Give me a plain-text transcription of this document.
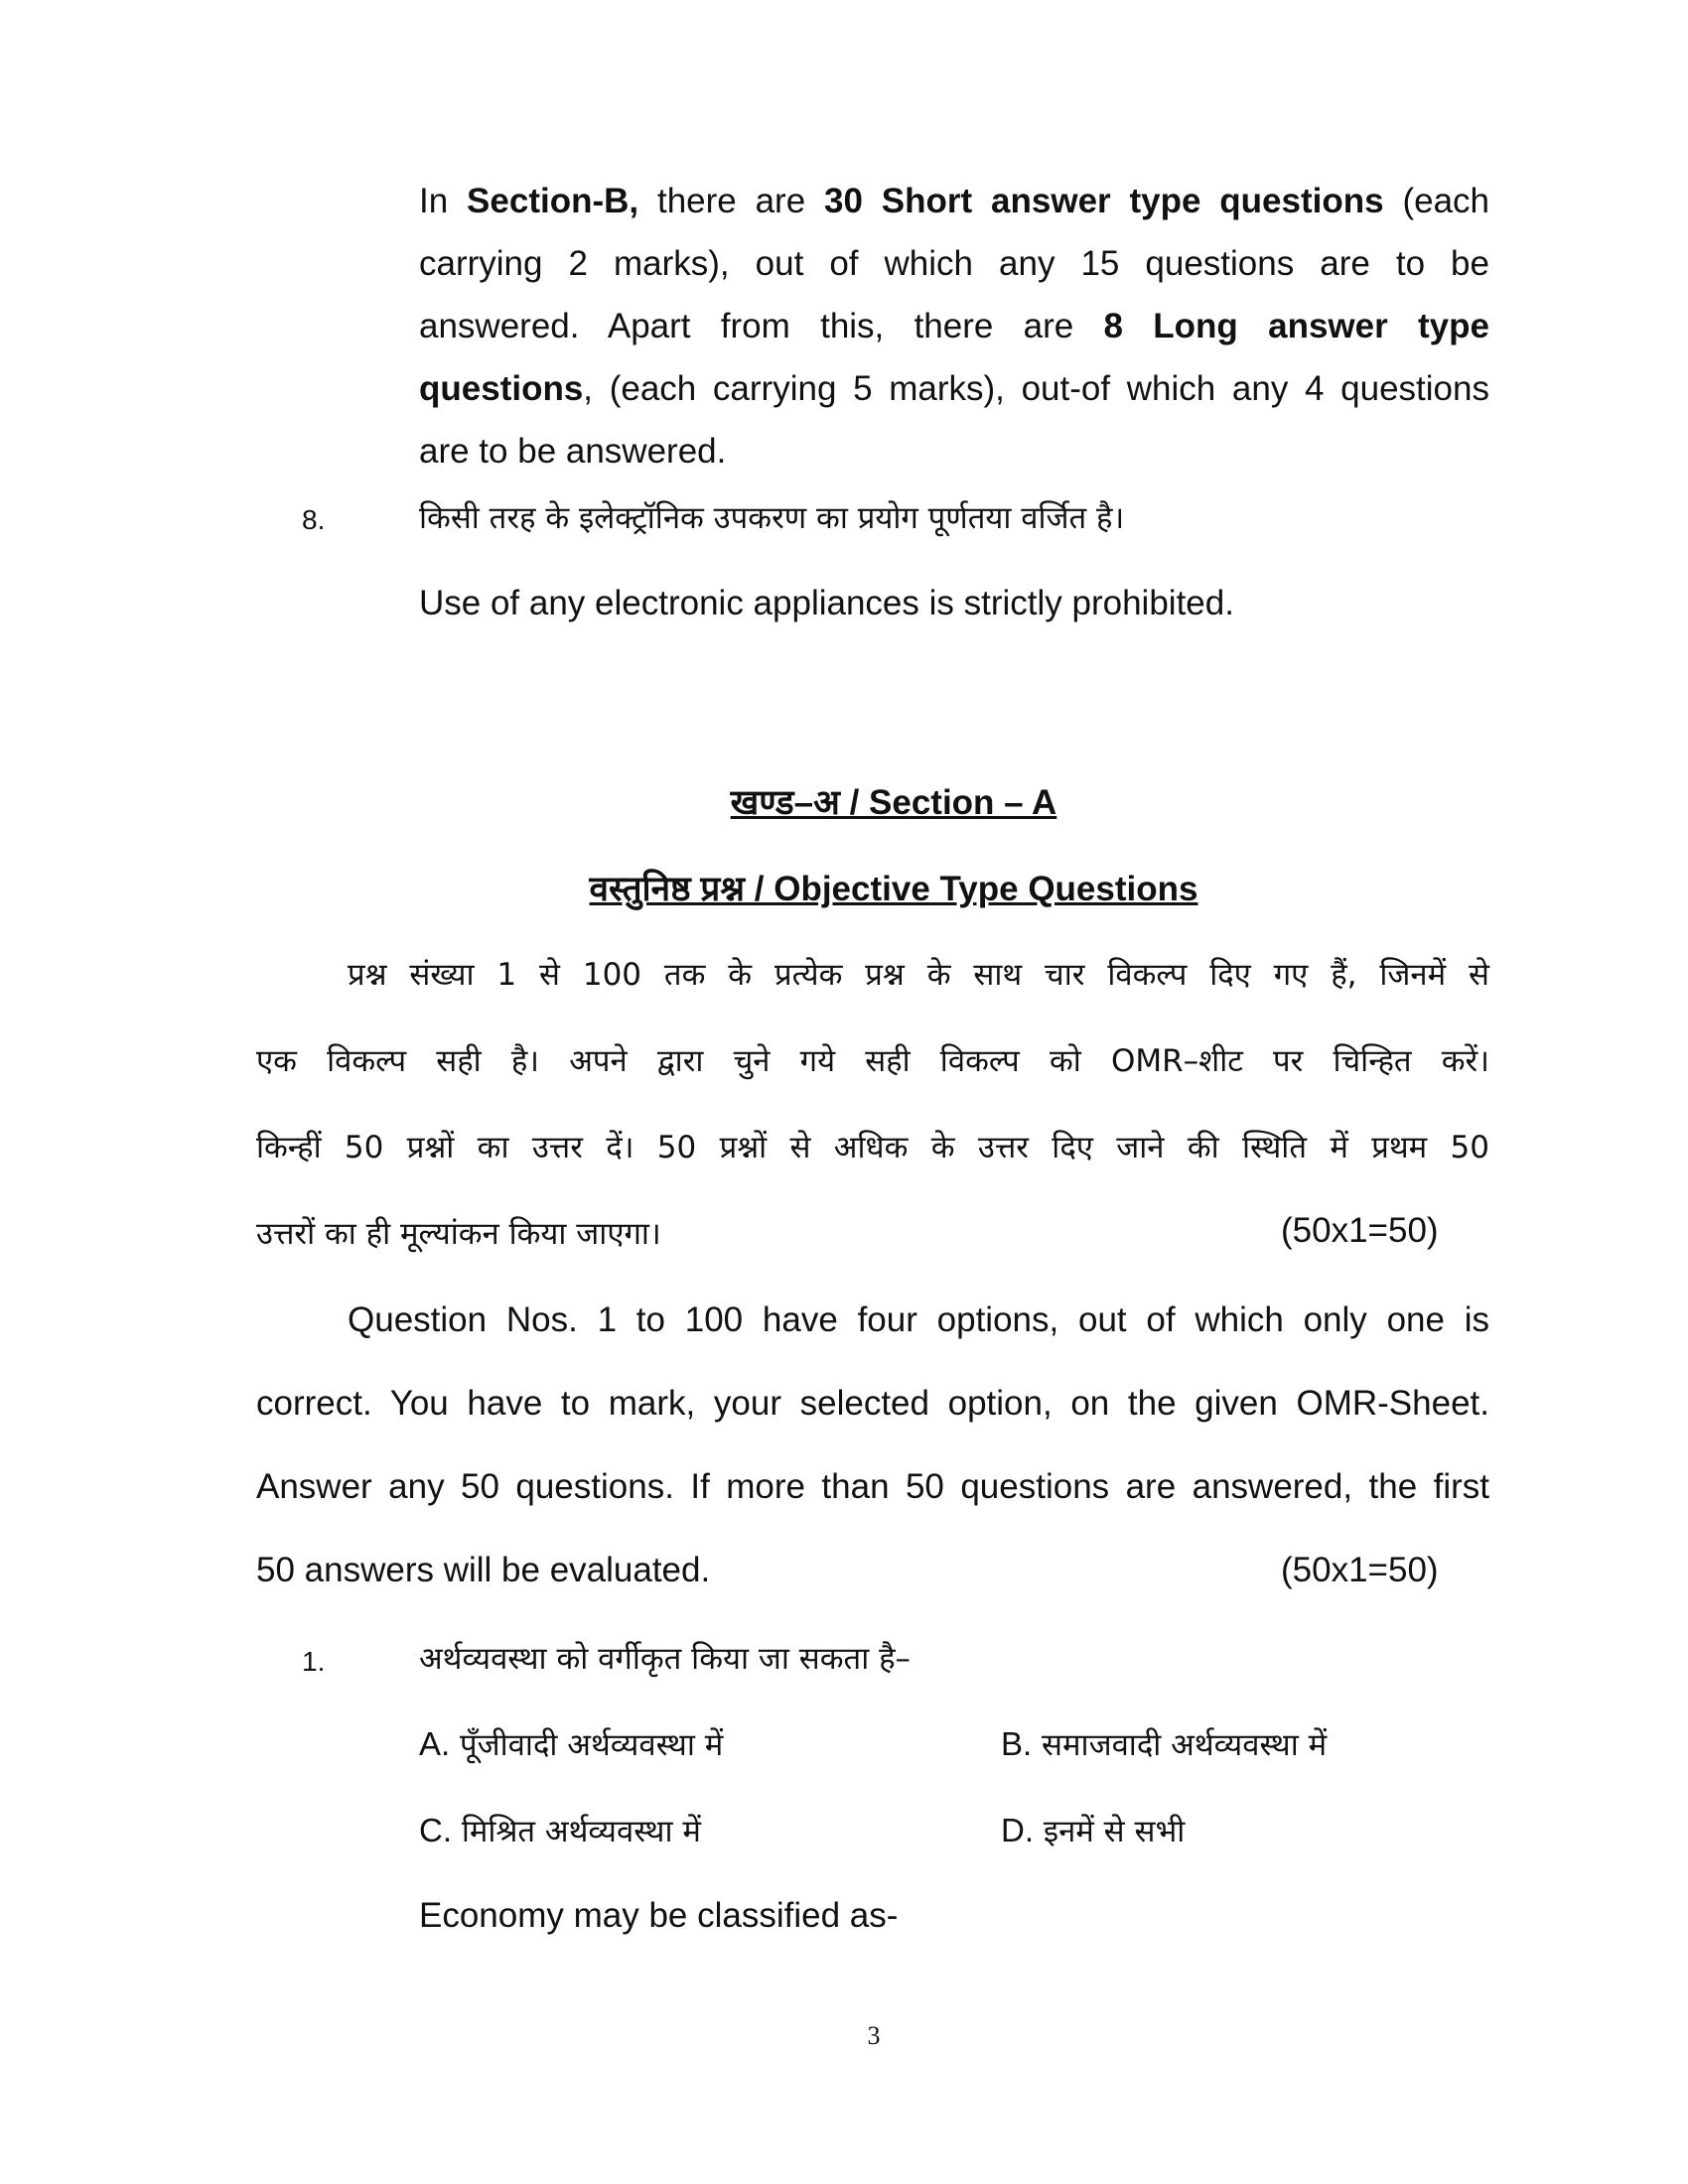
In Section-B, there are 30 Short answer type questions (each
carrying 2 marks), out of which any 15 questions are to be
answered. Apart from this, there are 8 Long answer type
questions, (each carrying 5 marks), out-of which any 4 questions
are to be answered.
8.	किसी तरह के इलेक्ट्रॉनिक उपकरण का प्रयोग पूर्णतया वर्जित है।
Use of any electronic appliances is strictly prohibited.
खण्ड–अ / Section – A
वस्तुनिष्ठ प्रश्न / Objective Type Questions
प्रश्न संख्या 1 से 100 तक के प्रत्येक प्रश्न के साथ चार विकल्प दिए गए हैं, जिनमें से
एक विकल्प सही है। अपने द्वारा चुने गये सही विकल्प को OMR–शीट पर चिन्हित करें।
किन्हीं 50 प्रश्नों का उत्तर दें। 50 प्रश्नों से अधिक के उत्तर दिए जाने की स्थिति में प्रथम 50
उत्तरों का ही मूल्यांकन किया जाएगा।	(50x1=50)
Question Nos. 1 to 100 have four options, out of which only one is
correct. You have to mark, your selected option, on the given OMR-Sheet.
Answer any 50 questions. If more than 50 questions are answered, the first
50 answers will be evaluated.	(50x1=50)
1.	अर्थव्यवस्था को वर्गीकृत किया जा सकता है–
A. पूँजीवादी अर्थव्यवस्था में	B. समाजवादी अर्थव्यवस्था में
C. मिश्रित अर्थव्यवस्था में	D. इनमें से सभी
Economy may be classified as-
3
